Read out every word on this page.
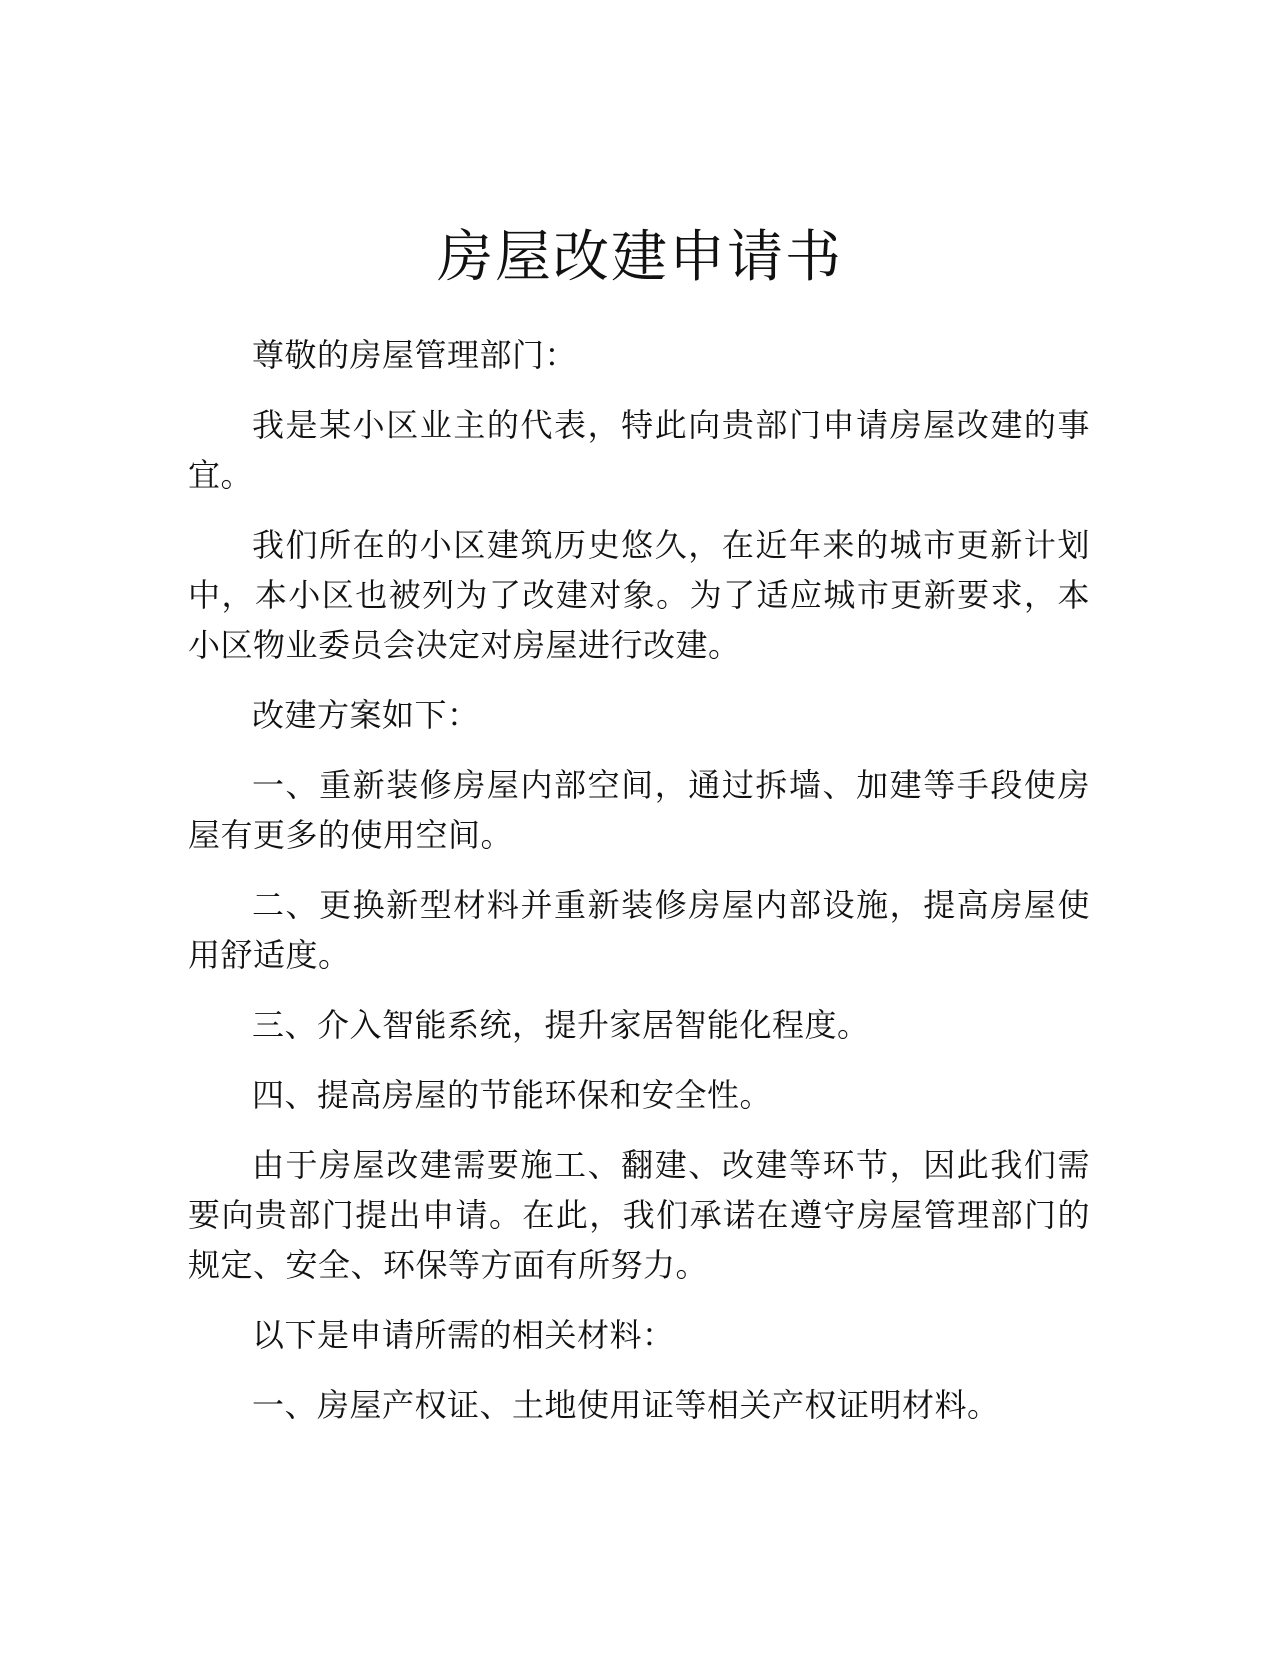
房屋改建申请书

尊敬的房屋管理部门：

我是某小区业主的代表，特此向贵部门申请房屋改建的事宜。

我们所在的小区建筑历史悠久，在近年来的城市更新计划中，本小区也被列为了改建对象。为了适应城市更新要求，本小区物业委员会决定对房屋进行改建。

改建方案如下：

一、重新装修房屋内部空间，通过拆墙、加建等手段使房屋有更多的使用空间。

二、更换新型材料并重新装修房屋内部设施，提高房屋使用舒适度。

三、介入智能系统，提升家居智能化程度。

四、提高房屋的节能环保和安全性。

由于房屋改建需要施工、翻建、改建等环节，因此我们需要向贵部门提出申请。在此，我们承诺在遵守房屋管理部门的规定、安全、环保等方面有所努力。

以下是申请所需的相关材料：

一、房屋产权证、土地使用证等相关产权证明材料。
